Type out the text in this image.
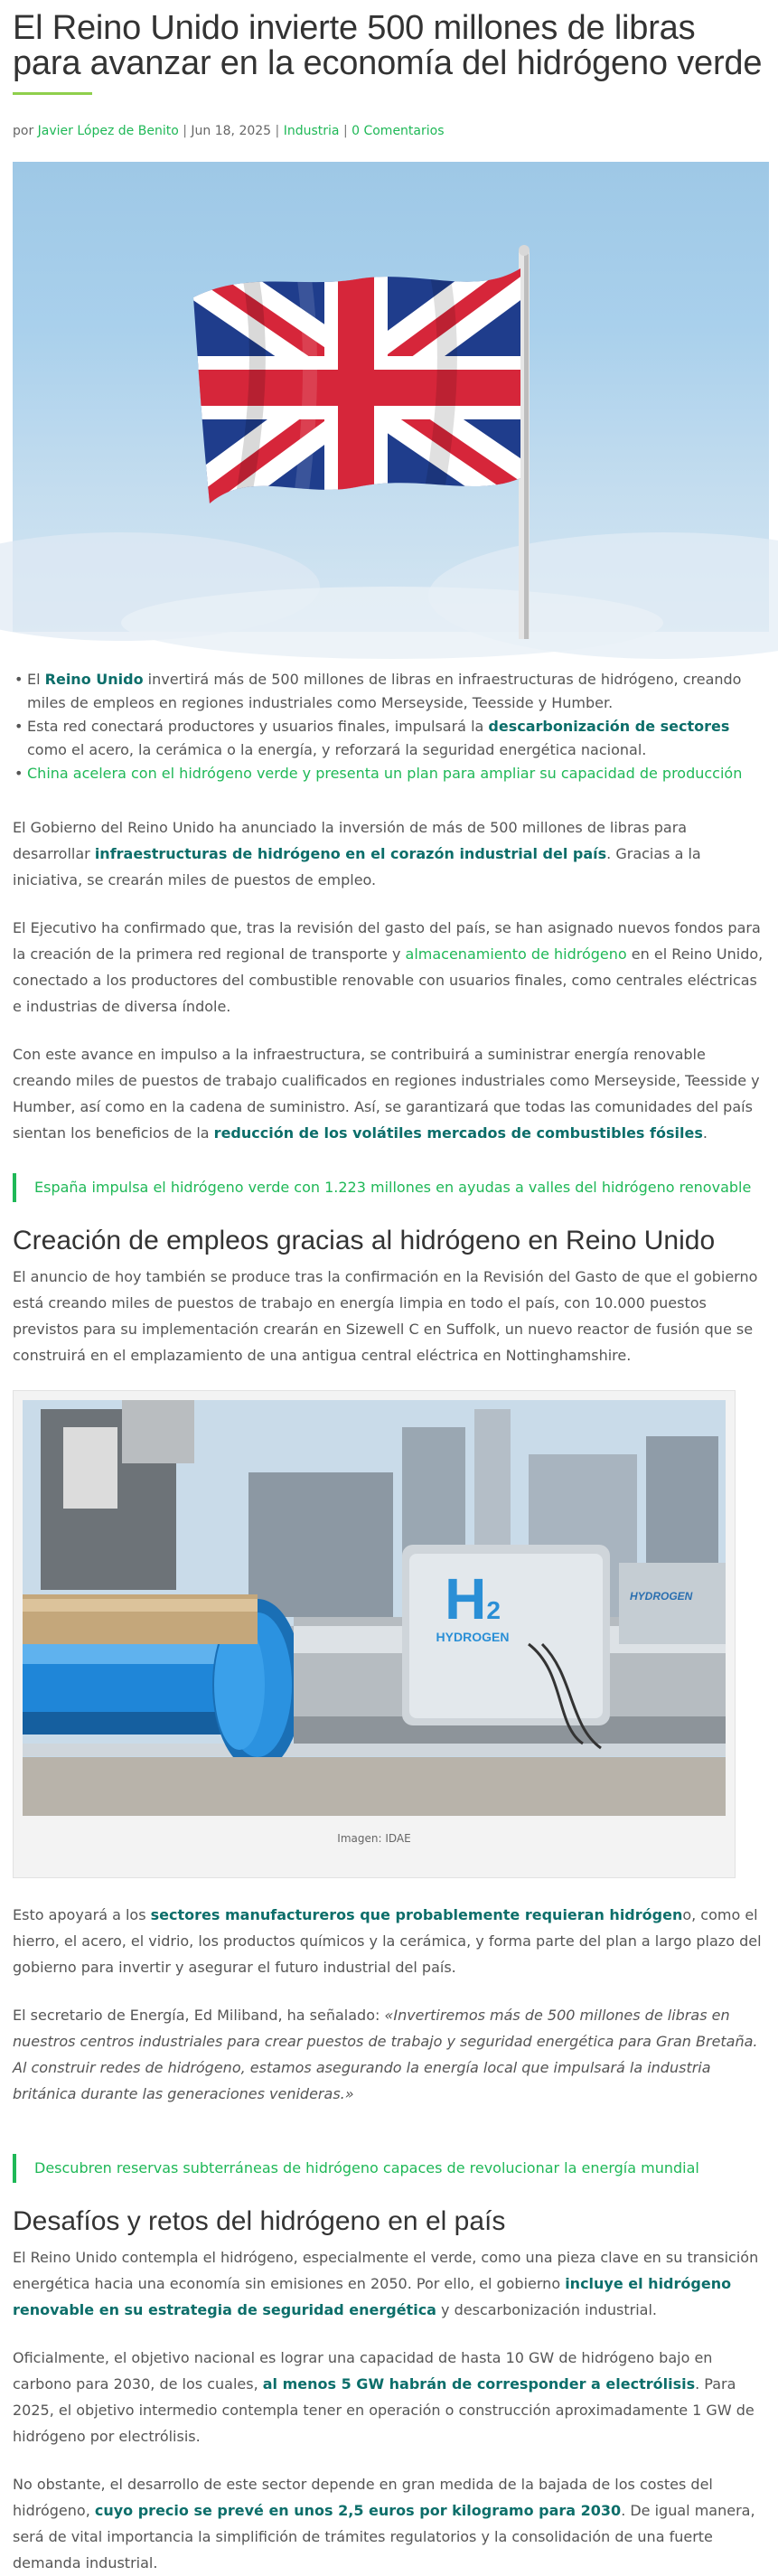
El Reino Unido invierte 500 millones de libras para avanzar en la economía del hidrógeno verde
por Javier López de Benito | Jun 18, 2025 | Industria | 0 Comentarios
• El Reino Unido invertirá más de 500 millones de libras en infraestructuras de hidrógeno, creando miles de empleos en regiones industriales como Merseyside, Teesside y Humber.
• Esta red conectará productores y usuarios finales, impulsará la descarbonización de sectores como el acero, la cerámica o la energía, y reforzará la seguridad energética nacional.
• China acelera con el hidrógeno verde y presenta un plan para ampliar su capacidad de producción

El Gobierno del Reino Unido ha anunciado la inversión de más de 500 millones de libras para desarrollar infraestructuras de hidrógeno en el corazón industrial del país. Gracias a la iniciativa, se crearán miles de puestos de empleo.

El Ejecutivo ha confirmado que, tras la revisión del gasto del país, se han asignado nuevos fondos para la creación de la primera red regional de transporte y almacenamiento de hidrógeno en el Reino Unido, conectado a los productores del combustible renovable con usuarios finales, como centrales eléctricas e industrias de diversa índole.

Con este avance en impulso a la infraestructura, se contribuirá a suministrar energía renovable creando miles de puestos de trabajo cualificados en regiones industriales como Merseyside, Teesside y Humber, así como en la cadena de suministro. Así, se garantizará que todas las comunidades del país sientan los beneficios de la reducción de los volátiles mercados de combustibles fósiles.

España impulsa el hidrógeno verde con 1.223 millones en ayudas a valles del hidrógeno renovable
Creación de empleos gracias al hidrógeno en Reino Unido

El anuncio de hoy también se produce tras la confirmación en la Revisión del Gasto de que el gobierno está creando miles de puestos de trabajo en energía limpia en todo el país, con 10.000 puestos previstos para su implementación crearán en Sizewell C en Suffolk, un nuevo reactor de fusión que se construirá en el emplazamiento de una antigua central eléctrica en Nottinghamshire.

H2
HYDROGEN
HYDROGEN
Imagen: IDAE

Esto apoyará a los sectores manufactureros que probablemente requieran hidrógeno, como el hierro, el acero, el vidrio, los productos químicos y la cerámica, y forma parte del plan a largo plazo del gobierno para invertir y asegurar el futuro industrial del país.

El secretario de Energía, Ed Miliband, ha señalado: «Invertiremos más de 500 millones de libras en nuestros centros industriales para crear puestos de trabajo y seguridad energética para Gran Bretaña. Al construir redes de hidrógeno, estamos asegurando la energía local que impulsará la industria británica durante las generaciones venideras.»

Descubren reservas subterráneas de hidrógeno capaces de revolucionar la energía mundial
Desafíos y retos del hidrógeno en el país

El Reino Unido contempla el hidrógeno, especialmente el verde, como una pieza clave en su transición energética hacia una economía sin emisiones en 2050. Por ello, el gobierno incluye el hidrógeno renovable en su estrategia de seguridad energética y descarbonización industrial.

Oficialmente, el objetivo nacional es lograr una capacidad de hasta 10 GW de hidrógeno bajo en carbono para 2030, de los cuales, al menos 5 GW habrán de corresponder a electrólisis. Para 2025, el objetivo intermedio contempla tener en operación o construcción aproximadamente 1 GW de hidrógeno por electrólisis.

No obstante, el desarrollo de este sector depende en gran medida de la bajada de los costes del hidrógeno, cuyo precio se prevé en unos 2,5 euros por kilogramo para 2030. De igual manera, será de vital importancia la simplifición de trámites regulatorios y la consolidación de una fuerte demanda industrial.
